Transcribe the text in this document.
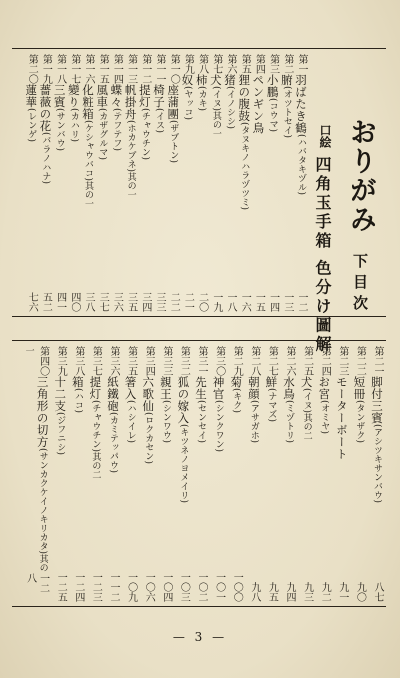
おりがみ 下目次
口絵
四角玉手箱 色分け圖解
第一羽ばたき鶴(ハバタキヅル)
一二
第二腑(オツトセイ)
一三
第三小鵬(コウマ)
一四
第四ペンギン鳥
一五
第五狸の腹鼓(タヌキノハラヅツミ)
一六
第六猪(イノシシ)
一八
第七犬(イヌ)其の一
一九
第八柿(カキ)
二〇
第九奴(ヤッコ)
二一
第一〇座蒲團(ザブトン)
二二
第一一椅子(イス)
三三
第一二提灯(チャウチン)
三四
第一三帆掛舟(ホカケブネ)其の一
三五
第一四蝶々(テフテフ)
三六
第一五風車(カザグルマ)
三七
第一六化粧箱(ケシャウバコ)其の一
三八
第一七變り(カハリ)
四〇
第一八三賓(サンバウ)
四一
第一九薔薇の花(バラノハナ)
五二
第二〇蓮華(レンゲ)
七六
第二一脚付三賓(アシツキサンバウ)
八七
第二二短冊(タンザク)
九〇
第二三モーターボート
九一
第二四お宮(オミヤ)
九二
第二五犬(イヌ)其の二
九三
第二六水鳥(ミヅトリ)
九四
第二七鮮(ナマズ)
九五
第二八朝顔(アサガホ)
九八
第二九菊(キク)
一〇〇
第三〇神官(シンクワン)
一〇一
第三一先生(センセイ)
一〇二
第三二狐の嫁入(キツネノヨメイリ)
一〇三
第三三親王(シンワウ)
一〇四
第三四六歌仙(ロクカセン)
一〇六
第三五箸入(ハシイレ)
一〇九
第三六紙鐵砲(カミテッパウ)
一一二
第三七提灯(チャウチン)其の二
一二三
第三八箱(ハコ)
一二四
第三九十二支(ジフニシ)
一二五
第四〇三角形の切方(サンカクケイノキリカタ)其の一
一二八
— 3 —
